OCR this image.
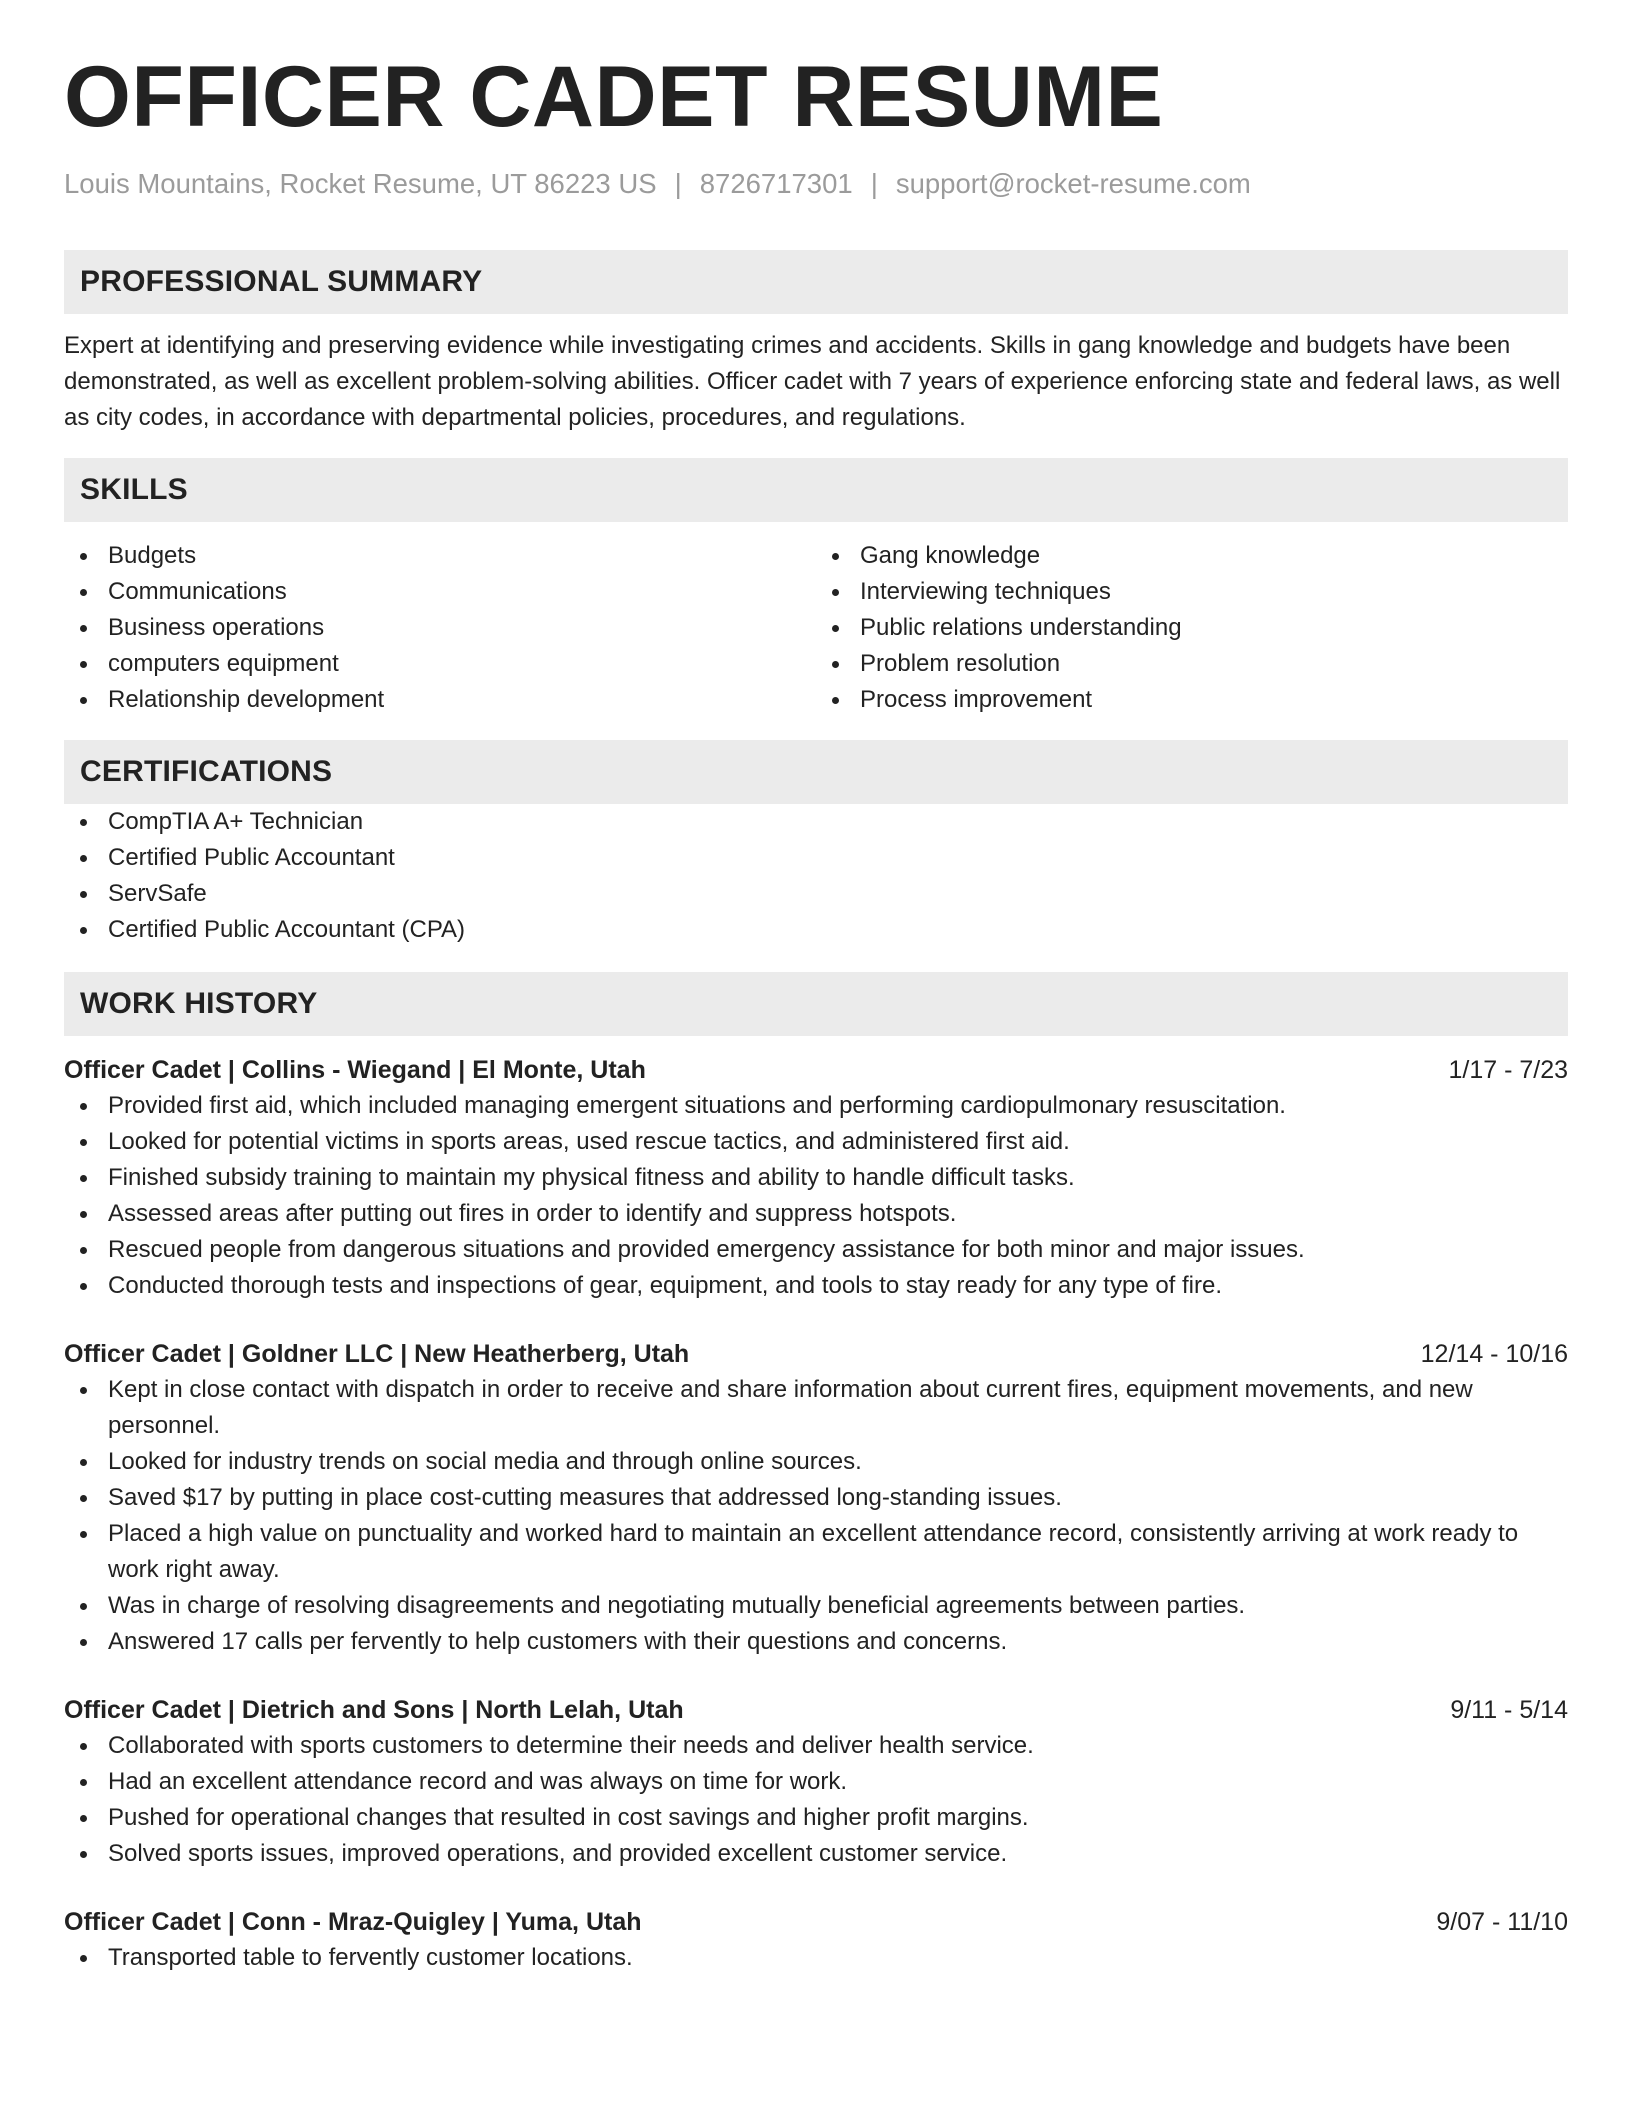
OFFICER CADET RESUME
Louis Mountains, Rocket Resume, UT 86223 US | 8726717301 | support@rocket-resume.com
PROFESSIONAL SUMMARY

Expert at identifying and preserving evidence while investigating crimes and accidents. Skills in gang knowledge and budgets have been demonstrated, as well as excellent problem-solving abilities. Officer cadet with 7 years of experience enforcing state and federal laws, as well as city codes, in accordance with departmental policies, procedures, and regulations.

SKILLS
Budgets
Communications
Business operations
computers equipment
Relationship development
Gang knowledge
Interviewing techniques
Public relations understanding
Problem resolution
Process improvement
CERTIFICATIONS
CompTIA A+ Technician
Certified Public Accountant
ServSafe
Certified Public Accountant (CPA)
WORK HISTORY
Officer Cadet | Collins - Wiegand | El Monte, Utah	1/17 - 7/23
Provided first aid, which included managing emergent situations and performing cardiopulmonary resuscitation.
Looked for potential victims in sports areas, used rescue tactics, and administered first aid.
Finished subsidy training to maintain my physical fitness and ability to handle difficult tasks.
Assessed areas after putting out fires in order to identify and suppress hotspots.
Rescued people from dangerous situations and provided emergency assistance for both minor and major issues.
Conducted thorough tests and inspections of gear, equipment, and tools to stay ready for any type of fire.
Officer Cadet | Goldner LLC | New Heatherberg, Utah	12/14 - 10/16
Kept in close contact with dispatch in order to receive and share information about current fires, equipment movements, and new personnel.
Looked for industry trends on social media and through online sources.
Saved $17 by putting in place cost-cutting measures that addressed long-standing issues.
Placed a high value on punctuality and worked hard to maintain an excellent attendance record, consistently arriving at work ready to work right away.
Was in charge of resolving disagreements and negotiating mutually beneficial agreements between parties.
Answered 17 calls per fervently to help customers with their questions and concerns.
Officer Cadet | Dietrich and Sons | North Lelah, Utah	9/11 - 5/14
Collaborated with sports customers to determine their needs and deliver health service.
Had an excellent attendance record and was always on time for work.
Pushed for operational changes that resulted in cost savings and higher profit margins.
Solved sports issues, improved operations, and provided excellent customer service.
Officer Cadet | Conn - Mraz-Quigley | Yuma, Utah	9/07 - 11/10
Transported table to fervently customer locations.
